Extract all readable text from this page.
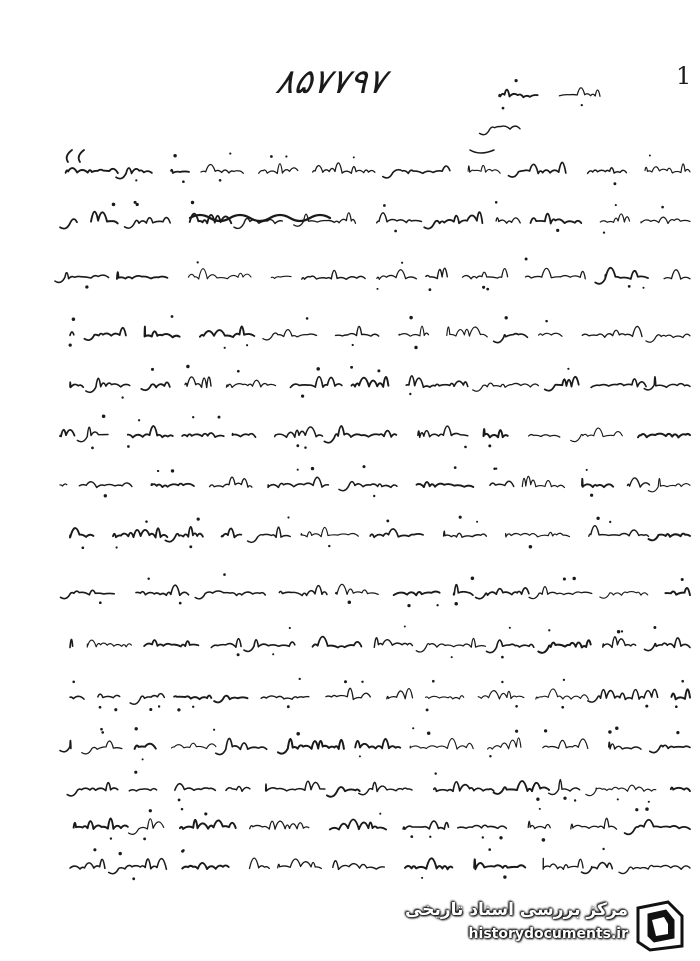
۸۵۷۷۹۷	1
مرکز بررسی اسناد تاریخی
historydocuments.ir
